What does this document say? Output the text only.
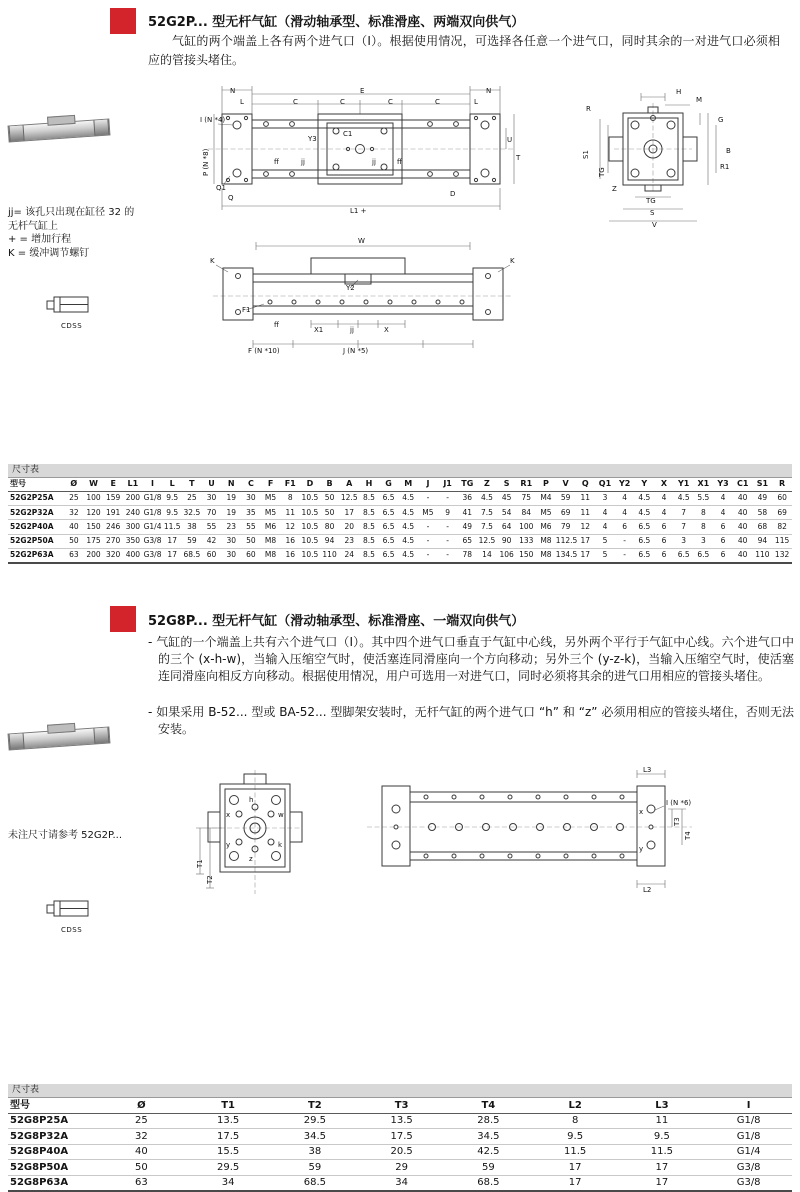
52G2P... 型无杆气缸（滑动轴承型、标准滑座、两端双向供气）

气缸的两个端盖上各有两个进气口（I）。根据使用情况，可选择各任意一个进气口，同时其余的一对进气口必须相应的管接头堵住。

jj= 该孔只出现在缸径 32 的
无杆气缸上
+ = 增加行程
K = 缓冲调节螺钉
CDSS
N
L	C	C
E
C	C
N
L
I (N *4)
Y3
C1
ff	jj	jj	ff
U
T
P (N *8)
Q1
Q	D
L1 +
H
M
G
B
R1
R
S1
TG
Z
TG
S
V
W
K	K
Y2
F1
ff
X1	jj	X
F (N *10)	J (N *5)
尺寸表
型号	Ø	W	E	L1	I	L	T	U	N	C	F	F1	D	B	A	H	G	M	J	J1	TG	Z	S	R1	P	V	Q	Q1	Y2	Y	X	Y1	X1	Y3	C1	S1	R
52G2P25A	25	100	159	200	G1/8	9.5	25	30	19	30	M5	8	10.5	50	12.5	8.5	6.5	4.5	-	-	36	4.5	45	75	M4	59	11	3	4	4.5	4	4.5	5.5	4	40	49	60
52G2P32A	32	120	191	240	G1/8	9.5	32.5	70	19	35	M5	11	10.5	50	17	8.5	6.5	4.5	M5	9	41	7.5	54	84	M5	69	11	4	4	4.5	4	7	8	4	40	58	69
52G2P40A	40	150	246	300	G1/4	11.5	38	55	23	55	M6	12	10.5	80	20	8.5	6.5	4.5	-	-	49	7.5	64	100	M6	79	12	4	6	6.5	6	7	8	6	40	68	82
52G2P50A	50	175	270	350	G3/8	17	59	42	30	50	M8	16	10.5	94	23	8.5	6.5	4.5	-	-	65	12.5	90	133	M8	112.5	17	5	-	6.5	6	3	3	6	40	94	115
52G2P63A	63	200	320	400	G3/8	17	68.5	60	30	60	M8	16	10.5	110	24	8.5	6.5	4.5	-	-	78	14	106	150	M8	134.5	17	5	-	6.5	6	6.5	6.5	6	40	110	132
52G8P... 型无杆气缸（滑动轴承型、标准滑座、一端双向供气）

- 气缸的一个端盖上共有六个进气口（I）。其中四个进气口垂直于气缸中心线，另外两个平行于气缸中心线。六个进气口中的三个 (x-h-w)，当输入压缩空气时，使活塞连同滑座向一个方向移动；另外三个 (y-z-k)，当输入压缩空气时，使活塞连同滑座向相反方向移动。根据使用情况，用户可选用一对进气口，同时必须将其余的进气口用相应的管接头堵住。

- 如果采用 B-52... 型或 BA-52... 型脚架安装时，无杆气缸的两个进气口 “h” 和 “z” 必须用相应的管接头堵住，否则无法安装。

未注尺寸请参考 52G2P...
CDSS
x
h
w
y
z
k
T1
T2
L3
I (N *6)
x
y
T3
T4
L2
尺寸表
型号	Ø	T1	T2	T3	T4	L2	L3	I
52G8P25A	25	13.5	29.5	13.5	28.5	8	11	G1/8
52G8P32A	32	17.5	34.5	17.5	34.5	9.5	9.5	G1/8
52G8P40A	40	15.5	38	20.5	42.5	11.5	11.5	G1/4
52G8P50A	50	29.5	59	29	59	17	17	G3/8
52G8P63A	63	34	68.5	34	68.5	17	17	G3/8
